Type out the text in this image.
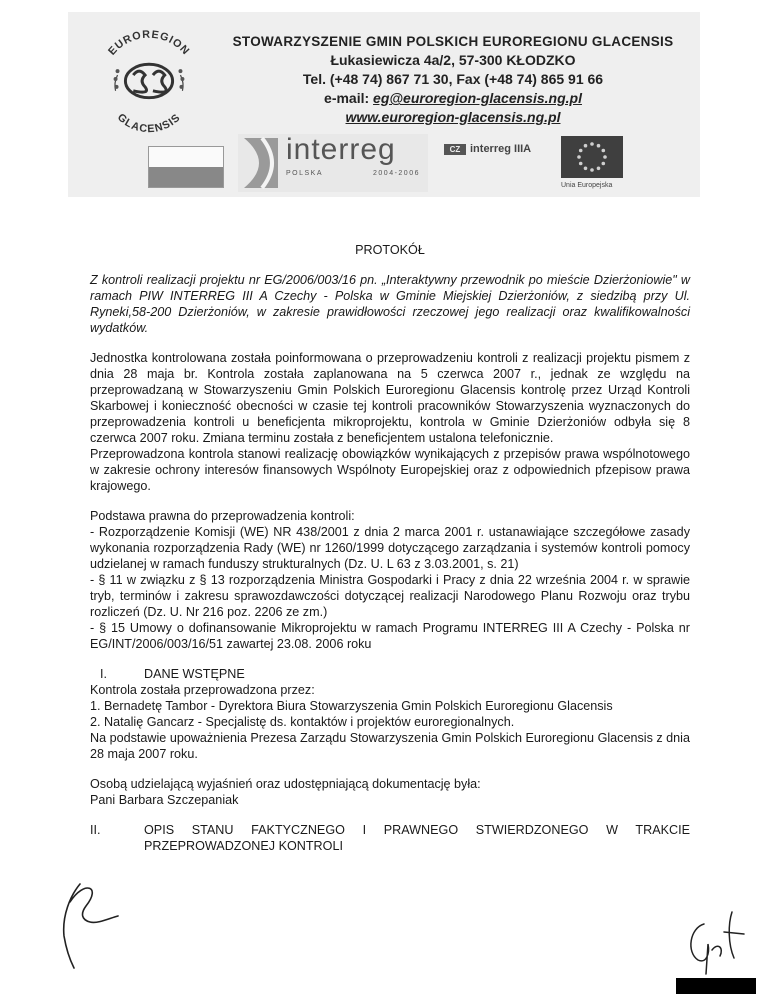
EUROREGION
GLACENSIS
STOWARZYSZENIE GMIN POLSKICH EUROREGIONU GLACENSIS
Łukasiewicza 4a/2, 57-300 KŁODZKO
Tel. (+48 74) 867 71 30, Fax (+48 74) 865 91 66
e-mail: eg@euroregion-glacensis.ng.pl
www.euroregion-glacensis.ng.pl
interreg
POLSKA	2004-2006
CZ interreg IIIA
Unia Europejska
PROTOKÓŁ

Z kontroli realizacji projektu nr EG/2006/003/16 pn. „Interaktywny przewodnik po mieście Dzierżoniowie" w ramach PIW INTERREG III A Czechy - Polska w Gminie Miejskiej Dzierżoniów, z siedzibą przy Ul. Ryneki,58-200 Dzierżoniów, w zakresie prawidłowości rzeczowej jego realizacji oraz kwalifikowalności wydatków.

Jednostka kontrolowana została poinformowana o przeprowadzeniu kontroli z realizacji projektu pismem z dnia 28 maja br. Kontrola została zaplanowana na 5 czerwca 2007 r., jednak ze względu na przeprowadzaną w Stowarzyszeniu Gmin Polskich Euroregionu Glacensis kontrolę przez Urząd Kontroli Skarbowej i konieczność obecności w czasie tej kontroli pracowników Stowarzyszenia wyznaczonych do przeprowadzenia kontroli u beneficjenta mikroprojektu, kontrola w Gminie Dzierżoniów odbyła się 8 czerwca 2007 roku. Zmiana terminu została z beneficjentem ustalona telefonicznie.

Przeprowadzona kontrola stanowi realizację obowiązków wynikających z przepisów prawa wspólnotowego w zakresie ochrony interesów finansowych Wspólnoty Europejskiej oraz z odpowiednich pfzepisow prawa krajowego.

Podstawa prawna do przeprowadzenia kontroli:

- Rozporządzenie Komisji (WE) NR 438/2001 z dnia 2 marca 2001 r. ustanawiające szczegółowe zasady wykonania rozporządzenia Rady (WE) nr 1260/1999 dotyczącego zarządzania i systemów kontroli pomocy udzielanej w ramach funduszy strukturalnych (Dz. U. L 63 z 3.03.2001, s. 21)

- § 11 w związku z § 13 rozporządzenia Ministra Gospodarki i Pracy z dnia 22 września 2004 r. w sprawie tryb, terminów i zakresu sprawozdawczości dotyczącej realizacji Narodowego Planu Rozwoju oraz trybu rozliczeń (Dz. U. Nr 216 poz. 2206 ze zm.)

- § 15 Umowy o dofinansowanie Mikroprojektu w ramach Programu INTERREG III A Czechy - Polska nr EG/INT/2006/003/16/51 zawartej 23.08. 2006 roku

I.	DANE WSTĘPNE

Kontrola została przeprowadzona przez:

1. Bernadetę Tambor - Dyrektora Biura Stowarzyszenia Gmin Polskich Euroregionu Glacensis

2. Natalię Gancarz - Specjalistę ds. kontaktów i projektów euroregionalnych.

Na podstawie upoważnienia Prezesa Zarządu Stowarzyszenia Gmin Polskich Euroregionu Glacensis z dnia 28 maja 2007 roku.

Osobą udzielającą wyjaśnień oraz udostępniającą dokumentację była:

Pani Barbara Szczepaniak

II.	OPIS STANU FAKTYCZNEGO I PRAWNEGO STWIERDZONEGO W TRAKCIE
PRZEPROWADZONEJ KONTROLI
